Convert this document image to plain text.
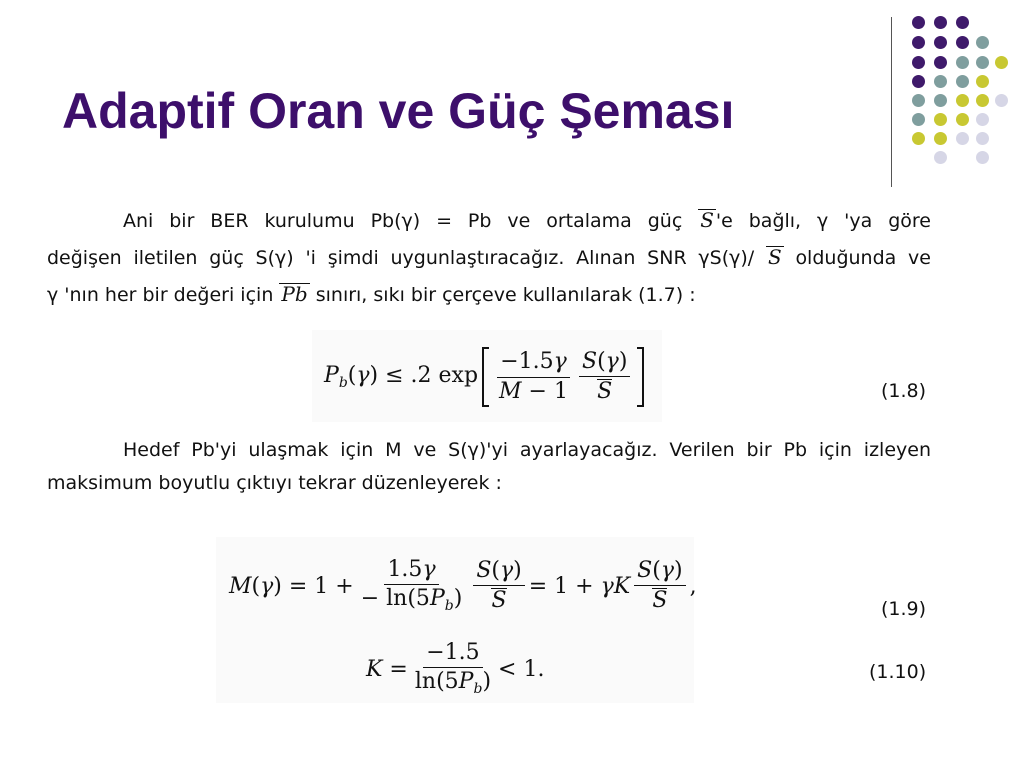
Adaptif Oran ve Güç Şeması
Ani bir BER kurulumu Pb(γ) = Pb ve ortalama güç S 'e bağlı, γ 'ya göre
değişen iletilen güç S(γ) 'i şimdi uygunlaştıracağız. Alınan SNR γS(γ)/ S olduğunda ve
γ 'nın her bir değeri için Pb sınırı, sıkı bir çerçeve kullanılarak (1.7) :
$P_b(\gamma) \le .2$ $\exp \frac{-1.5\gamma}{M - 1} \frac{S(\gamma)}{S}$	(1.8)
Hedef Pb'yi ulaşmak için M ve S(γ)'yi ayarlayacağız. Verilen bir Pb için izleyen
maksimum boyutlu çıktıyı tekrar düzenleyerek :
$M(\gamma) = 1 + \frac{1.5\gamma}{- \ln(5P_b)} \frac{S(\gamma)}{S} = 1 + \gamma K \frac{S(\gamma)}{S}$ ,
(1.9)
$K = \frac{-1.5}{\ln(5P_b)} < 1$.	(1.10)
